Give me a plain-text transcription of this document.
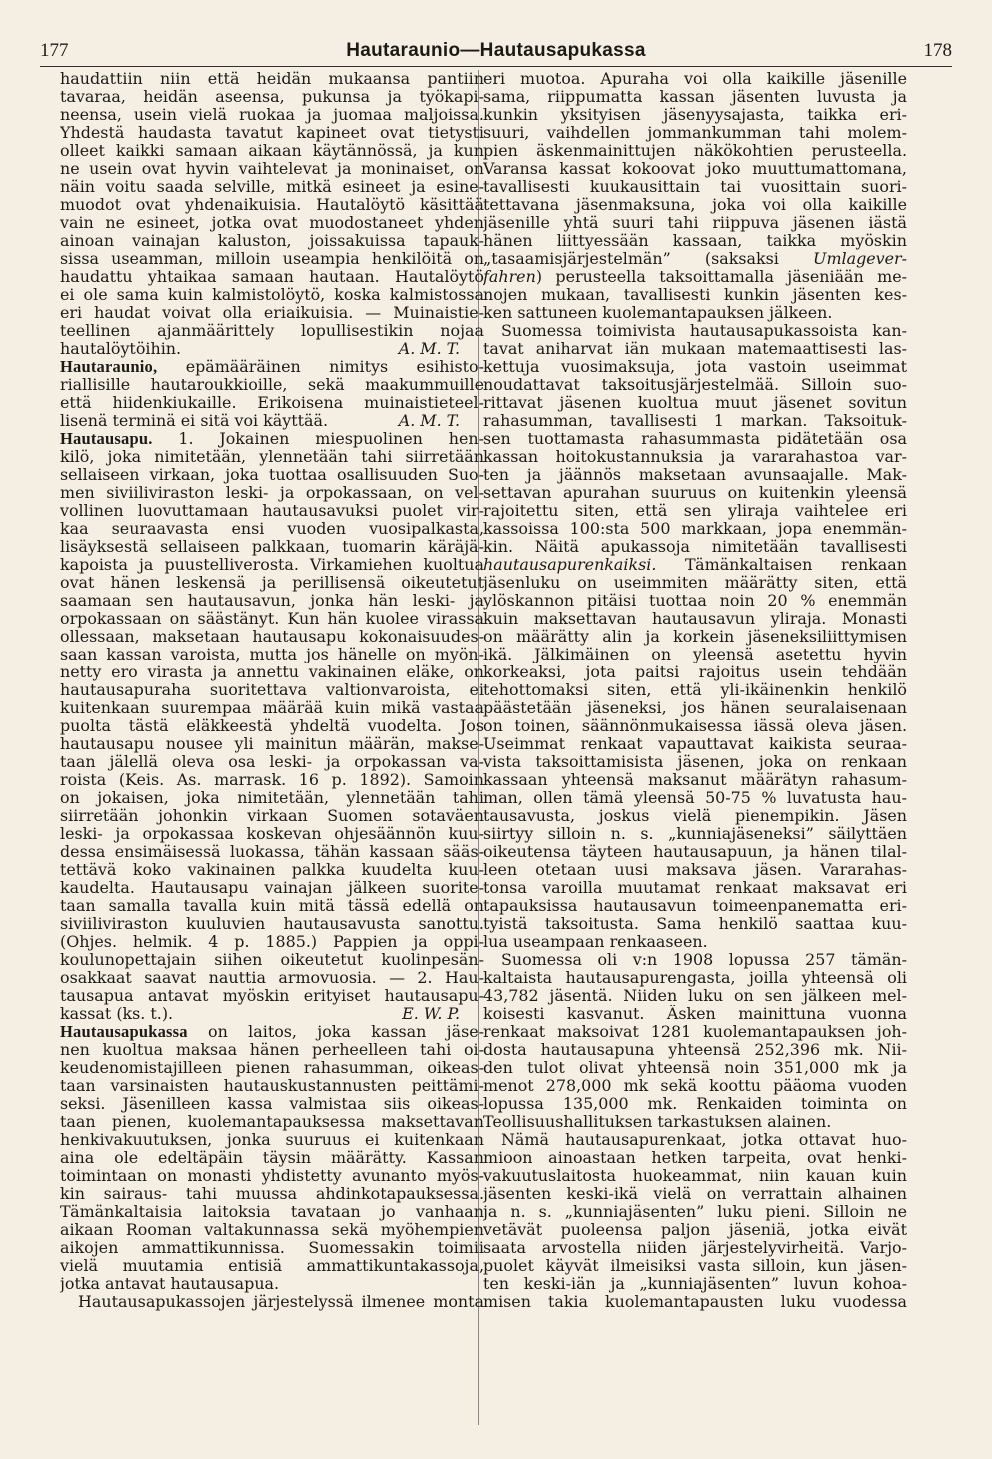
177	Hautaraunio—Hautausapukassa	178
haudattiin niin että heidän mukaansa pantiin
tavaraa, heidän aseensa, pukunsa ja työkapi-
neensa, usein vielä ruokaa ja juomaa maljoissa.
Yhdestä haudasta tavatut kapineet ovat tietysti
olleet kaikki samaan aikaan käytännössä, ja kun
ne usein ovat hyvin vaihtelevat ja moninaiset, on
näin voitu saada selville, mitkä esineet ja esine-
muodot ovat yhdenaikuisia. Hautalöytö käsittää
vain ne esineet, jotka ovat muodostaneet yhden
ainoan vainajan kaluston, joissakuissa tapauk-
sissa useamman, milloin useampia henkilöitä on
haudattu yhtaikaa samaan hautaan. Hautalöytö
ei ole sama kuin kalmistolöytö, koska kalmistossa
eri haudat voivat olla eriaikuisia. — Muinaistie-
teellinen ajanmäärittely lopullisestikin nojaa
hautalöytöihin.	A. M. T.
Hautaraunio, epämääräinen nimitys esihisto-
riallisille hautaroukkioille, sekä maakummuille
että hiidenkiukaille. Erikoisena muinaistieteel-
lisenä terminä ei sitä voi käyttää.	A. M. T.
Hautausapu. 1. Jokainen miespuolinen hen-
kilö, joka nimitetään, ylennetään tahi siirretään
sellaiseen virkaan, joka tuottaa osallisuuden Suo-
men siviiliviraston leski- ja orpokassaan, on vel-
vollinen luovuttamaan hautausavuksi puolet vir-
kaa seuraavasta ensi vuoden vuosipalkasta,
lisäyksestä sellaiseen palkkaan, tuomarin käräjä-
kapoista ja puustelliverosta. Virkamiehen kuoltua
ovat hänen leskensä ja perillisensä oikeutetut
saamaan sen hautausavun, jonka hän leski- ja
orpokassaan on säästänyt. Kun hän kuolee virassa
ollessaan, maksetaan hautausapu kokonaisuudes-
saan kassan varoista, mutta jos hänelle on myön-
netty ero virasta ja annettu vakinainen eläke, on
hautausapuraha suoritettava valtionvaroista, ei
kuitenkaan suurempaa määrää kuin mikä vastaa
puolta tästä eläkkeestä yhdeltä vuodelta. Jos
hautausapu nousee yli mainitun määrän, makse-
taan jälellä oleva osa leski- ja orpokassan va-
roista (Keis. As. marrask. 16 p. 1892). Samoin
on jokaisen, joka nimitetään, ylennetään tahi
siirretään johonkin virkaan Suomen sotaväen
leski- ja orpokassaa koskevan ohjesäännön kuu-
dessa ensimäisessä luokassa, tähän kassaan sääs-
tettävä koko vakinainen palkka kuudelta kuu-
kaudelta. Hautausapu vainajan jälkeen suorite-
taan samalla tavalla kuin mitä tässä edellä on
siviiliviraston kuuluvien hautausavusta sanottu.
(Ohjes. helmik. 4 p. 1885.) Pappien ja oppi-
koulunopettajain siihen oikeutetut kuolinpesän-
osakkaat saavat nauttia armovuosia. — 2. Hau-
tausapua antavat myöskin erityiset hautausapu-
kassat (ks. t.).	E. W. P.
Hautausapukassa on laitos, joka kassan jäse-
nen kuoltua maksaa hänen perheelleen tahi oi-
keudenomistajilleen pienen rahasumman, oikeas-
taan varsinaisten hautauskustannusten peittämi-
seksi. Jäsenilleen kassa valmistaa siis oikeas-
taan pienen, kuolemantapauksessa maksettavan
henkivakuutuksen, jonka suuruus ei kuitenkaan
aina ole edeltäpäin täysin määrätty. Kassan
toimintaan on monasti yhdistetty avunanto myös-
kin sairaus- tahi muussa ahdinkotapauksessa.
Tämänkaltaisia laitoksia tavataan jo vanhaan
aikaan Rooman valtakunnassa sekä myöhempien
aikojen ammattikunnissa. Suomessakin toimii
vielä muutamia entisiä ammattikuntakassoja,
jotka antavat hautausapua.
Hautausapukassojen järjestelyssä ilmenee monta
eri muotoa. Apuraha voi olla kaikille jäsenille
sama, riippumatta kassan jäsenten luvusta ja
kunkin yksityisen jäsenyysajasta, taikka eri-
suuri, vaihdellen jommankumman tahi molem-
pien äskenmainittujen näkökohtien perusteella.
Varansa kassat kokoovat joko muuttumattomana,
tavallisesti kuukausittain tai vuosittain suori-
tettavana jäsenmaksuna, joka voi olla kaikille
jäsenille yhtä suuri tahi riippuva jäsenen iästä
hänen liittyessään kassaan, taikka myöskin
„tasaamisjärjestelmän” (saksaksi Umlagever-
fahren) perusteella taksoittamalla jäseniään me-
nojen mukaan, tavallisesti kunkin jäsenten kes-
ken sattuneen kuolemantapauksen jälkeen.
Suomessa toimivista hautausapukassoista kan-
tavat aniharvat iän mukaan matemaattisesti las-
kettuja vuosimaksuja, jota vastoin useimmat
noudattavat taksoitusjärjestelmää. Silloin suo-
rittavat jäsenen kuoltua muut jäsenet sovitun
rahasumman, tavallisesti 1 markan. Taksoituk-
sen tuottamasta rahasummasta pidätetään osa
kassan hoitokustannuksia ja vararahastoa var-
ten ja jäännös maksetaan avunsaajalle. Mak-
settavan apurahan suuruus on kuitenkin yleensä
rajoitettu siten, että sen yliraja vaihtelee eri
kassoissa 100:sta 500 markkaan, jopa enemmän-
kin. Näitä apukassoja nimitetään tavallisesti
hautausapurenkaiksi. Tämänkaltaisen renkaan
jäsenluku on useimmiten määrätty siten, että
ylöskannon pitäisi tuottaa noin 20 % enemmän
kuin maksettavan hautausavun yliraja. Monasti
on määrätty alin ja korkein jäseneksiliittymisen
ikä. Jälkimäinen on yleensä asetettu hyvin
korkeaksi, jota paitsi rajoitus usein tehdään
tehottomaksi siten, että yli-ikäinenkin henkilö
päästetään jäseneksi, jos hänen seuralaisenaan
on toinen, säännönmukaisessa iässä oleva jäsen.
Useimmat renkaat vapauttavat kaikista seuraa-
vista taksoittamisista jäsenen, joka on renkaan
kassaan yhteensä maksanut määrätyn rahasum-
man, ollen tämä yleensä 50-75 % luvatusta hau-
tausavusta, joskus vielä pienempikin. Jäsen
siirtyy silloin n. s. „kunniajäseneksi” säilyttäen
oikeutensa täyteen hautausapuun, ja hänen tilal-
leen otetaan uusi maksava jäsen. Vararahas-
tonsa varoilla muutamat renkaat maksavat eri
tapauksissa hautausavun toimeenpanematta eri-
tyistä taksoitusta. Sama henkilö saattaa kuu-
lua useampaan renkaaseen.
Suomessa oli v:n 1908 lopussa 257 tämän-
kaltaista hautausapurengasta, joilla yhteensä oli
43,782 jäsentä. Niiden luku on sen jälkeen mel-
koisesti kasvanut. Äsken mainittuna vuonna
renkaat maksoivat 1281 kuolemantapauksen joh-
dosta hautausapuna yhteensä 252,396 mk. Nii-
den tulot olivat yhteensä noin 351,000 mk ja
menot 278,000 mk sekä koottu pääoma vuoden
lopussa 135,000 mk. Renkaiden toiminta on
Teollisuushallituksen tarkastuksen alainen.
Nämä hautausapurenkaat, jotka ottavat huo-
mioon ainoastaan hetken tarpeita, ovat henki-
vakuutuslaitosta huokeammat, niin kauan kuin
jäsenten keski-ikä vielä on verrattain alhainen
ja n. s. „kunniajäsenten” luku pieni. Silloin ne
vetävät puoleensa paljon jäseniä, jotka eivät
saata arvostella niiden järjestelyvirheitä. Varjo-
puolet käyvät ilmeisiksi vasta silloin, kun jäsen-
ten keski-iän ja „kunniajäsenten” luvun kohoa-
misen takia kuolemantapausten luku vuodessa
